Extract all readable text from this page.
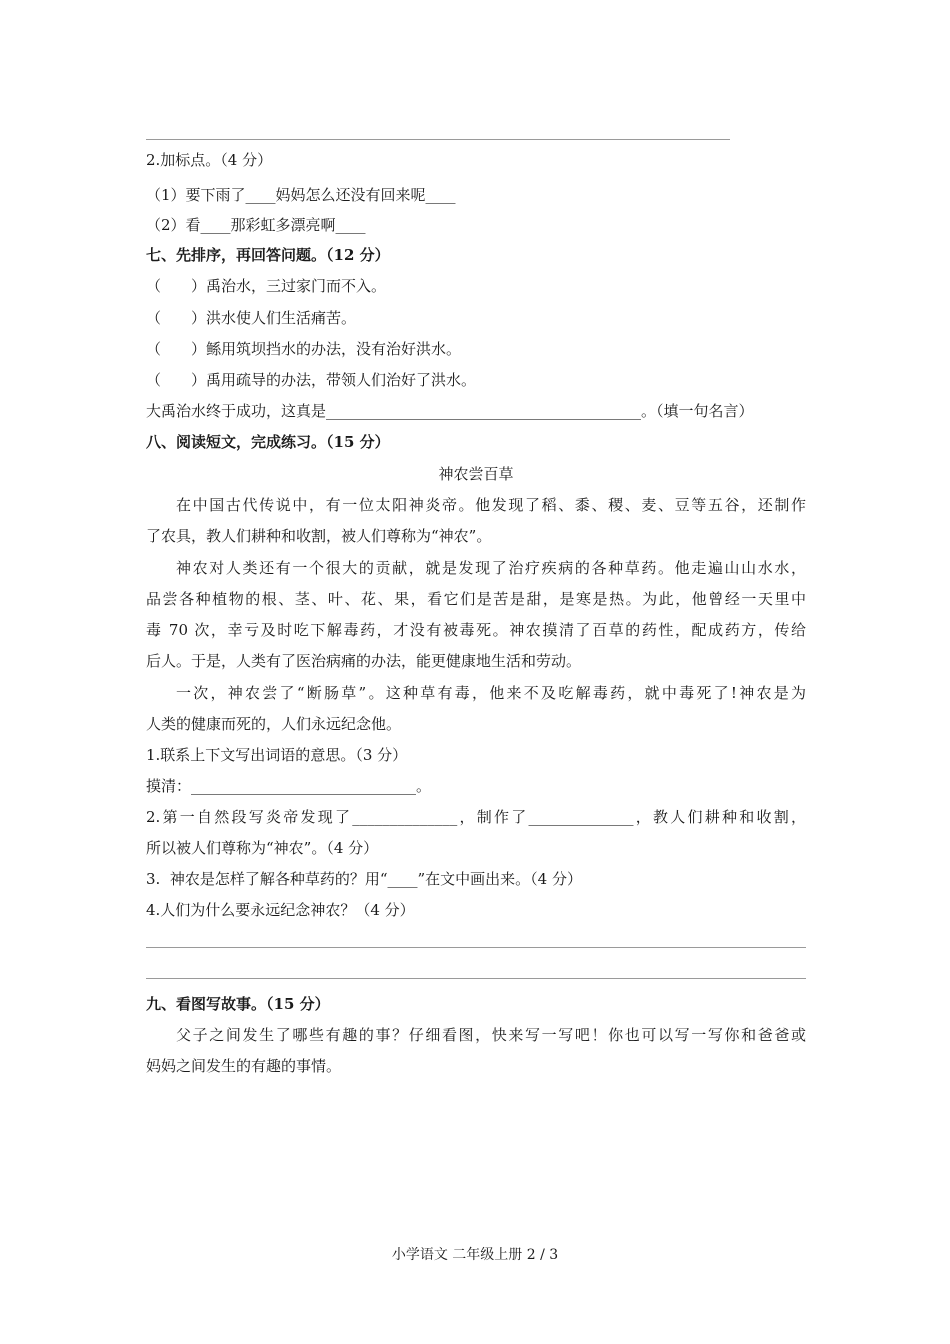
2.加标点。（4 分）
（1）要下雨了____妈妈怎么还没有回来呢____
（2）看____那彩虹多漂亮啊____
七、先排序，再回答问题。（12 分）
（　　）禹治水，三过家门而不入。
（　　）洪水使人们生活痛苦。
（　　）鲧用筑坝挡水的办法，没有治好洪水。
（　　）禹用疏导的办法，带领人们治好了洪水。
大禹治水终于成功，这真是__________________________________________。（填一句名言）
八、阅读短文，完成练习。（15 分）
神农尝百草
在中国古代传说中，有一位太阳神炎帝。他发现了稻、黍、稷、麦、豆等五谷，还制作
了农具，教人们耕种和收割，被人们尊称为“神农”。
神农对人类还有一个很大的贡献，就是发现了治疗疾病的各种草药。他走遍山山水水，
品尝各种植物的根、茎、叶、花、果，看它们是苦是甜，是寒是热。为此，他曾经一天里中
毒 70 次，幸亏及时吃下解毒药，才没有被毒死。神农摸清了百草的药性，配成药方，传给
后人。于是，人类有了医治病痛的办法，能更健康地生活和劳动。
一次，神农尝了“断肠草”。这种草有毒，他来不及吃解毒药，就中毒死了!神农是为
人类的健康而死的，人们永远纪念他。
1.联系上下文写出词语的意思。（3 分）
摸清：______________________________。
2.第一自然段写炎帝发现了______________，制作了______________，教人们耕种和收割，
所以被人们尊称为“神农”。（4 分）
3.  神农是怎样了解各种草药的？用“____”在文中画出来。（4 分）
4.人们为什么要永远纪念神农？（4 分）
九、看图写故事。（15 分）
父子之间发生了哪些有趣的事？仔细看图，快来写一写吧！你也可以写一写你和爸爸或
妈妈之间发生的有趣的事情。
小学语文 二年级上册 2 / 3
